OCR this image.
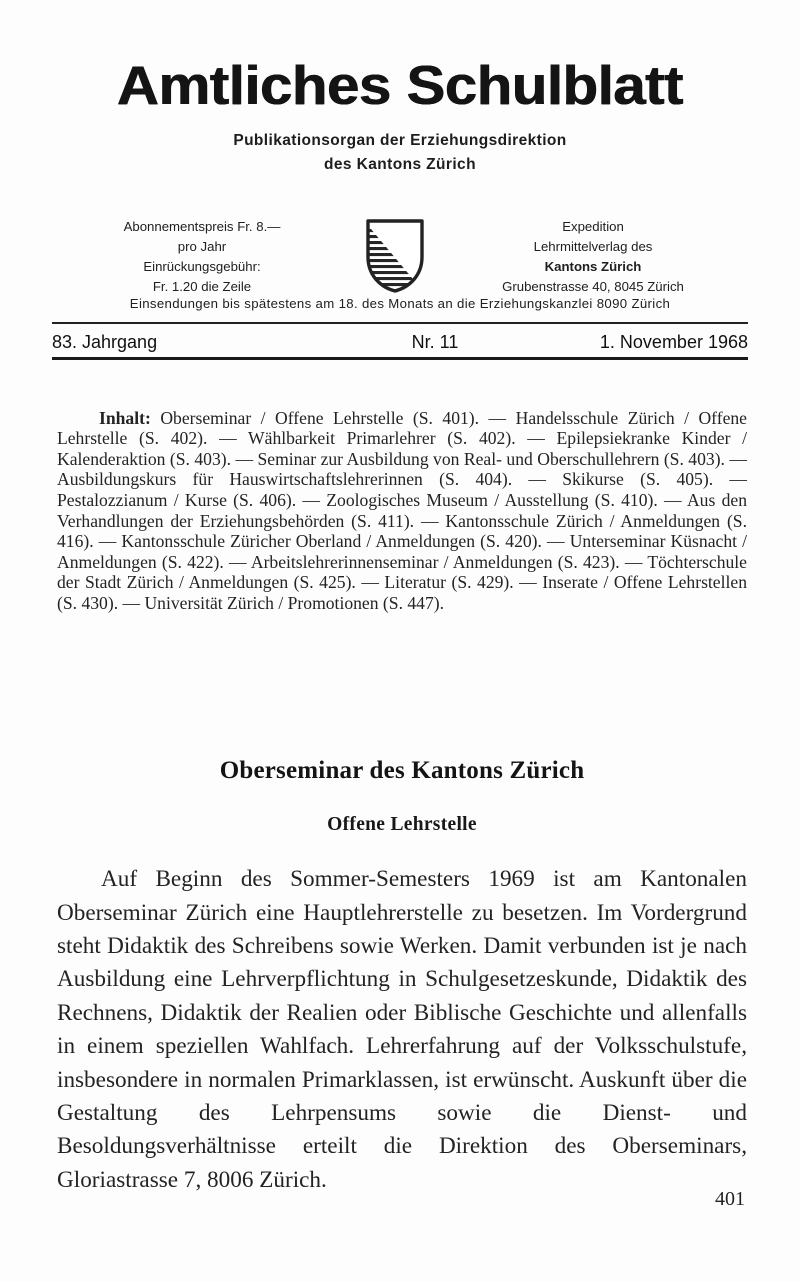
Amtliches Schulblatt
Publikationsorgan der Erziehungsdirektion
des Kantons Zürich
Abonnementspreis Fr. 8.—
pro Jahr
Einrückungsgebühr:
Fr. 1.20 die Zeile
Expedition
Lehrmittelverlag des
Kantons Zürich
Grubenstrasse 40, 8045 Zürich
Einsendungen bis spätestens am 18. des Monats an die Erziehungskanzlei 8090 Zürich
83. Jahrgang	Nr. 11	1. November 1968

Inhalt: Oberseminar / Offene Lehrstelle (S. 401). — Handelsschule Zürich / Offene Lehrstelle (S. 402). — Wählbarkeit Primarlehrer (S. 402). — Epilepsiekranke Kinder / Kalenderaktion (S. 403). — Seminar zur Ausbildung von Real- und Oberschullehrern (S. 403). — Ausbildungskurs für Hauswirtschaftslehrerinnen (S. 404). — Skikurse (S. 405). — Pestalozzianum / Kurse (S. 406). — Zoologisches Museum / Ausstellung (S. 410). — Aus den Verhandlungen der Erziehungsbehörden (S. 411). — Kantonsschule Zürich / Anmeldungen (S. 416). — Kantonsschule Züricher Oberland / Anmeldungen (S. 420). — Unterseminar Küsnacht / Anmeldungen (S. 422). — Arbeitslehrerinnenseminar / Anmeldungen (S. 423). — Töchterschule der Stadt Zürich / Anmeldungen (S. 425). — Literatur (S. 429). — Inserate / Offene Lehrstellen (S. 430). — Universität Zürich / Promotionen (S. 447).

Oberseminar des Kantons Zürich
Offene Lehrstelle

Auf Beginn des Sommer-Semesters 1969 ist am Kantonalen Oberseminar Zürich eine Hauptlehrerstelle zu besetzen. Im Vordergrund steht Didaktik des Schreibens sowie Werken. Damit verbunden ist je nach Ausbildung eine Lehrverpflichtung in Schulgesetzeskunde, Didaktik des Rechnens, Didaktik der Realien oder Biblische Geschichte und allenfalls in einem speziellen Wahlfach. Lehrerfahrung auf der Volksschulstufe, insbesondere in normalen Primarklassen, ist erwünscht. Auskunft über die Gestaltung des Lehrpensums sowie die Dienst- und Besoldungsverhältnisse erteilt die Direktion des Oberseminars, Gloriastrasse 7, 8006 Zürich.

401
